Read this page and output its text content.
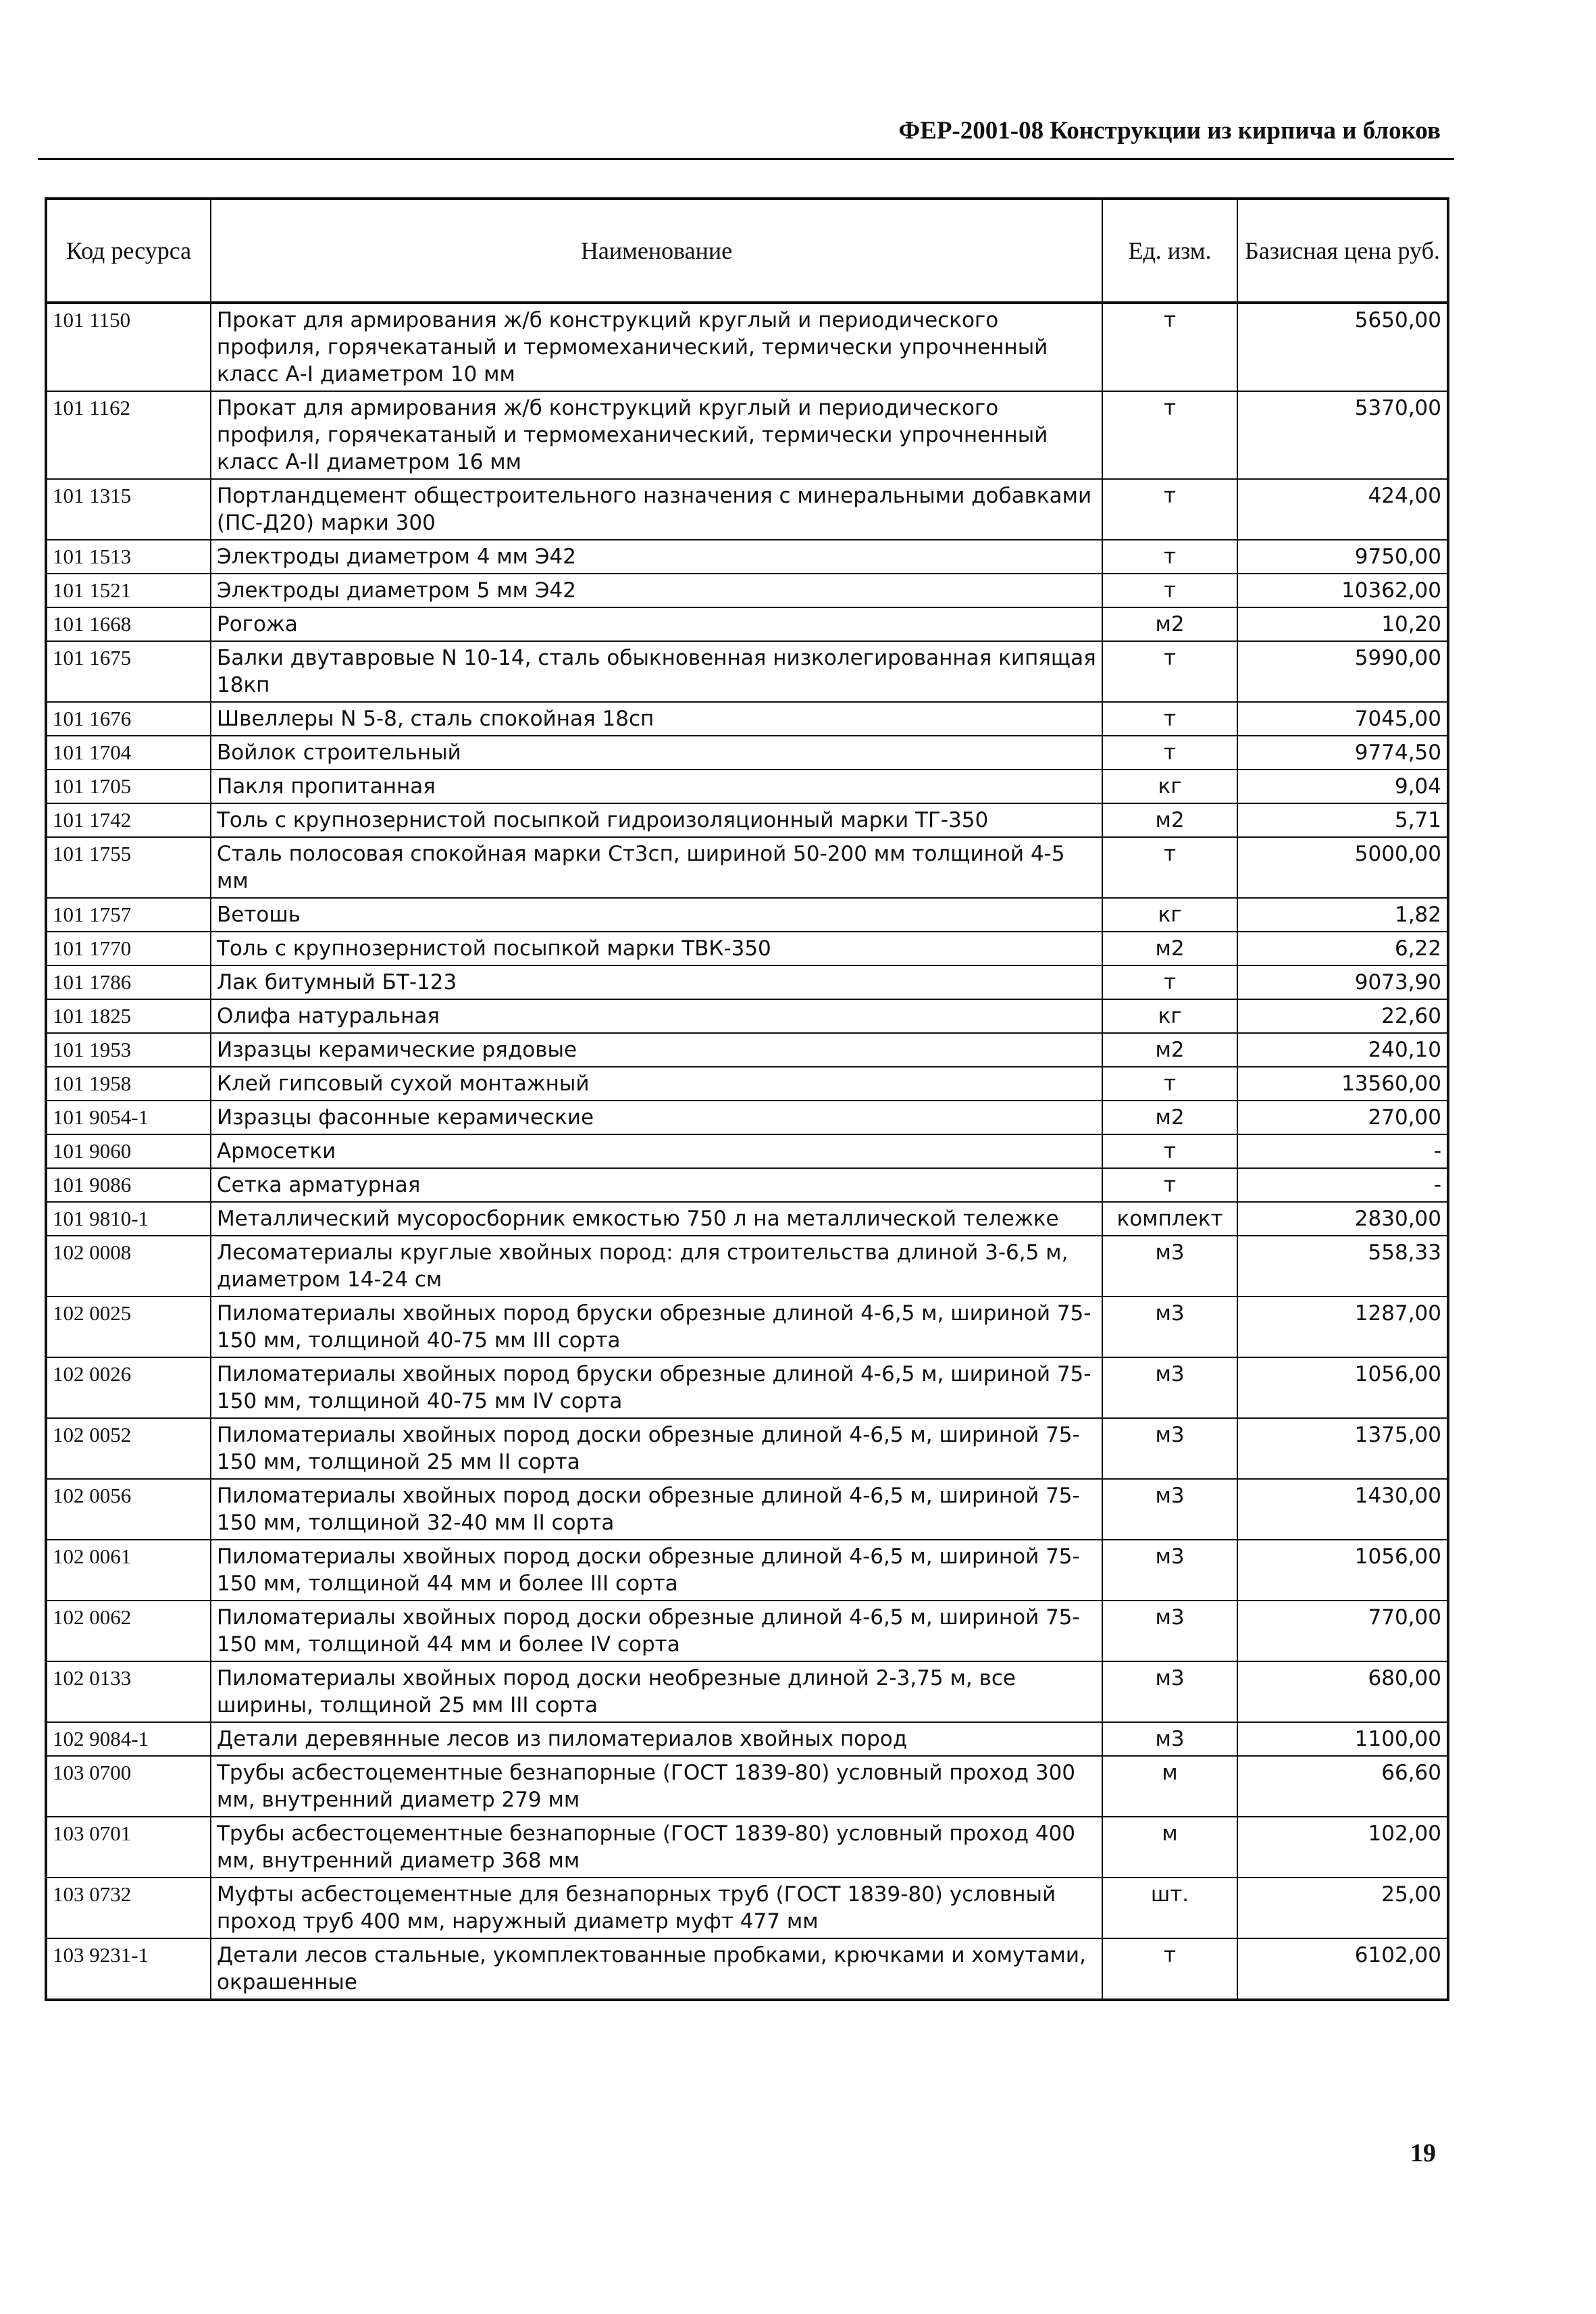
ФЕР-2001-08 Конструкции из кирпича и блоков
Код ресурса	Наименование	Ед. изм.	Базисная цена руб.
101 1150	Прокат для армирования ж/б конструкций круглый и периодического профиля, горячекатаный и термомеханический, термически упрочненный класс А-I диаметром 10 мм	т	5650,00
101 1162	Прокат для армирования ж/б конструкций круглый и периодического профиля, горячекатаный и термомеханический, термически упрочненный класс А-II диаметром 16 мм	т	5370,00
101 1315	Портландцемент общестроительного назначения с минеральными добавками (ПС-Д20) марки 300	т	424,00
101 1513	Электроды диаметром 4 мм Э42	т	9750,00
101 1521	Электроды диаметром 5 мм Э42	т	10362,00
101 1668	Рогожа	м2	10,20
101 1675	Балки двутавровые N 10-14, сталь обыкновенная низколегированная кипящая 18кп	т	5990,00
101 1676	Швеллеры N 5-8, сталь спокойная 18сп	т	7045,00
101 1704	Войлок строительный	т	9774,50
101 1705	Пакля пропитанная	кг	9,04
101 1742	Толь с крупнозернистой посыпкой гидроизоляционный марки ТГ-350	м2	5,71
101 1755	Сталь полосовая спокойная марки Ст3сп, шириной 50-200 мм толщиной 4-5 мм	т	5000,00
101 1757	Ветошь	кг	1,82
101 1770	Толь с крупнозернистой посыпкой марки ТВК-350	м2	6,22
101 1786	Лак битумный БТ-123	т	9073,90
101 1825	Олифа натуральная	кг	22,60
101 1953	Изразцы керамические рядовые	м2	240,10
101 1958	Клей гипсовый сухой монтажный	т	13560,00
101 9054-1	Изразцы фасонные керамические	м2	270,00
101 9060	Армосетки	т	-
101 9086	Сетка арматурная	т	-
101 9810-1	Металлический мусоросборник емкостью 750 л на металлической тележке	комплект	2830,00
102 0008	Лесоматериалы круглые хвойных пород: для строительства длиной 3-6,5 м, диаметром 14-24 см	м3	558,33
102 0025	Пиломатериалы хвойных пород бруски обрезные длиной 4-6,5 м, шириной 75-150 мм, толщиной 40-75 мм III сорта	м3	1287,00
102 0026	Пиломатериалы хвойных пород бруски обрезные длиной 4-6,5 м, шириной 75-150 мм, толщиной 40-75 мм IV сорта	м3	1056,00
102 0052	Пиломатериалы хвойных пород доски обрезные длиной 4-6,5 м, шириной 75-150 мм, толщиной 25 мм II сорта	м3	1375,00
102 0056	Пиломатериалы хвойных пород доски обрезные длиной 4-6,5 м, шириной 75-150 мм, толщиной 32-40 мм II сорта	м3	1430,00
102 0061	Пиломатериалы хвойных пород доски обрезные длиной 4-6,5 м, шириной 75-150 мм, толщиной 44 мм и более III сорта	м3	1056,00
102 0062	Пиломатериалы хвойных пород доски обрезные длиной 4-6,5 м, шириной 75-150 мм, толщиной 44 мм и более IV сорта	м3	770,00
102 0133	Пиломатериалы хвойных пород доски необрезные длиной 2-3,75 м, все ширины, толщиной 25 мм III сорта	м3	680,00
102 9084-1	Детали деревянные лесов из пиломатериалов хвойных пород	м3	1100,00
103 0700	Трубы асбестоцементные безнапорные (ГОСТ 1839-80) условный проход 300 мм, внутренний диаметр 279 мм	м	66,60
103 0701	Трубы асбестоцементные безнапорные (ГОСТ 1839-80) условный проход 400 мм, внутренний диаметр 368 мм	м	102,00
103 0732	Муфты асбестоцементные для безнапорных труб (ГОСТ 1839-80) условный проход труб 400 мм, наружный диаметр муфт 477 мм	шт.	25,00
103 9231-1	Детали лесов стальные, укомплектованные пробками, крючками и хомутами, окрашенные	т	6102,00
19
